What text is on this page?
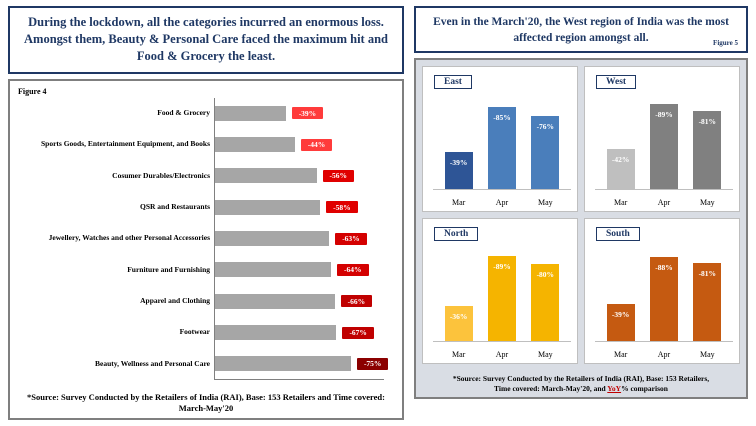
During the lockdown, all the categories incurred an enormous loss. Amongst them, Beauty & Personal Care faced the maximum hit and Food & Grocery the least.
Figure 4
Food & Grocery	-39%
Sports Goods, Entertainment Equipment, and Books	-44%
Cosumer Durables/Electronics	-56%
QSR and Restaurants	-58%
Jewellery, Watches and other Personal Accessories	-63%
Furniture and Furnishing	-64%
Apparel and Clothing	-66%
Footwear	-67%
Beauty, Wellness and Personal Care	-75%
*Source: Survey Conducted by the Retailers of India (RAI), Base: 153 Retailers and Time covered: March-May'20
Even in the March'20, the West region of India was the most affected region amongst all.	Figure 5
East
-39%
-85%
-76%
Mar	Apr	May
West
-42%
-89%
-81%
Mar	Apr	May
North
-36%
-89%
-80%
Mar	Apr	May
South
-39%
-88%
-81%
Mar	Apr	May
*Source: Survey Conducted by the Retailers of India (RAI), Base: 153 Retailers,
Time covered: March-May'20, and YoY% comparison
